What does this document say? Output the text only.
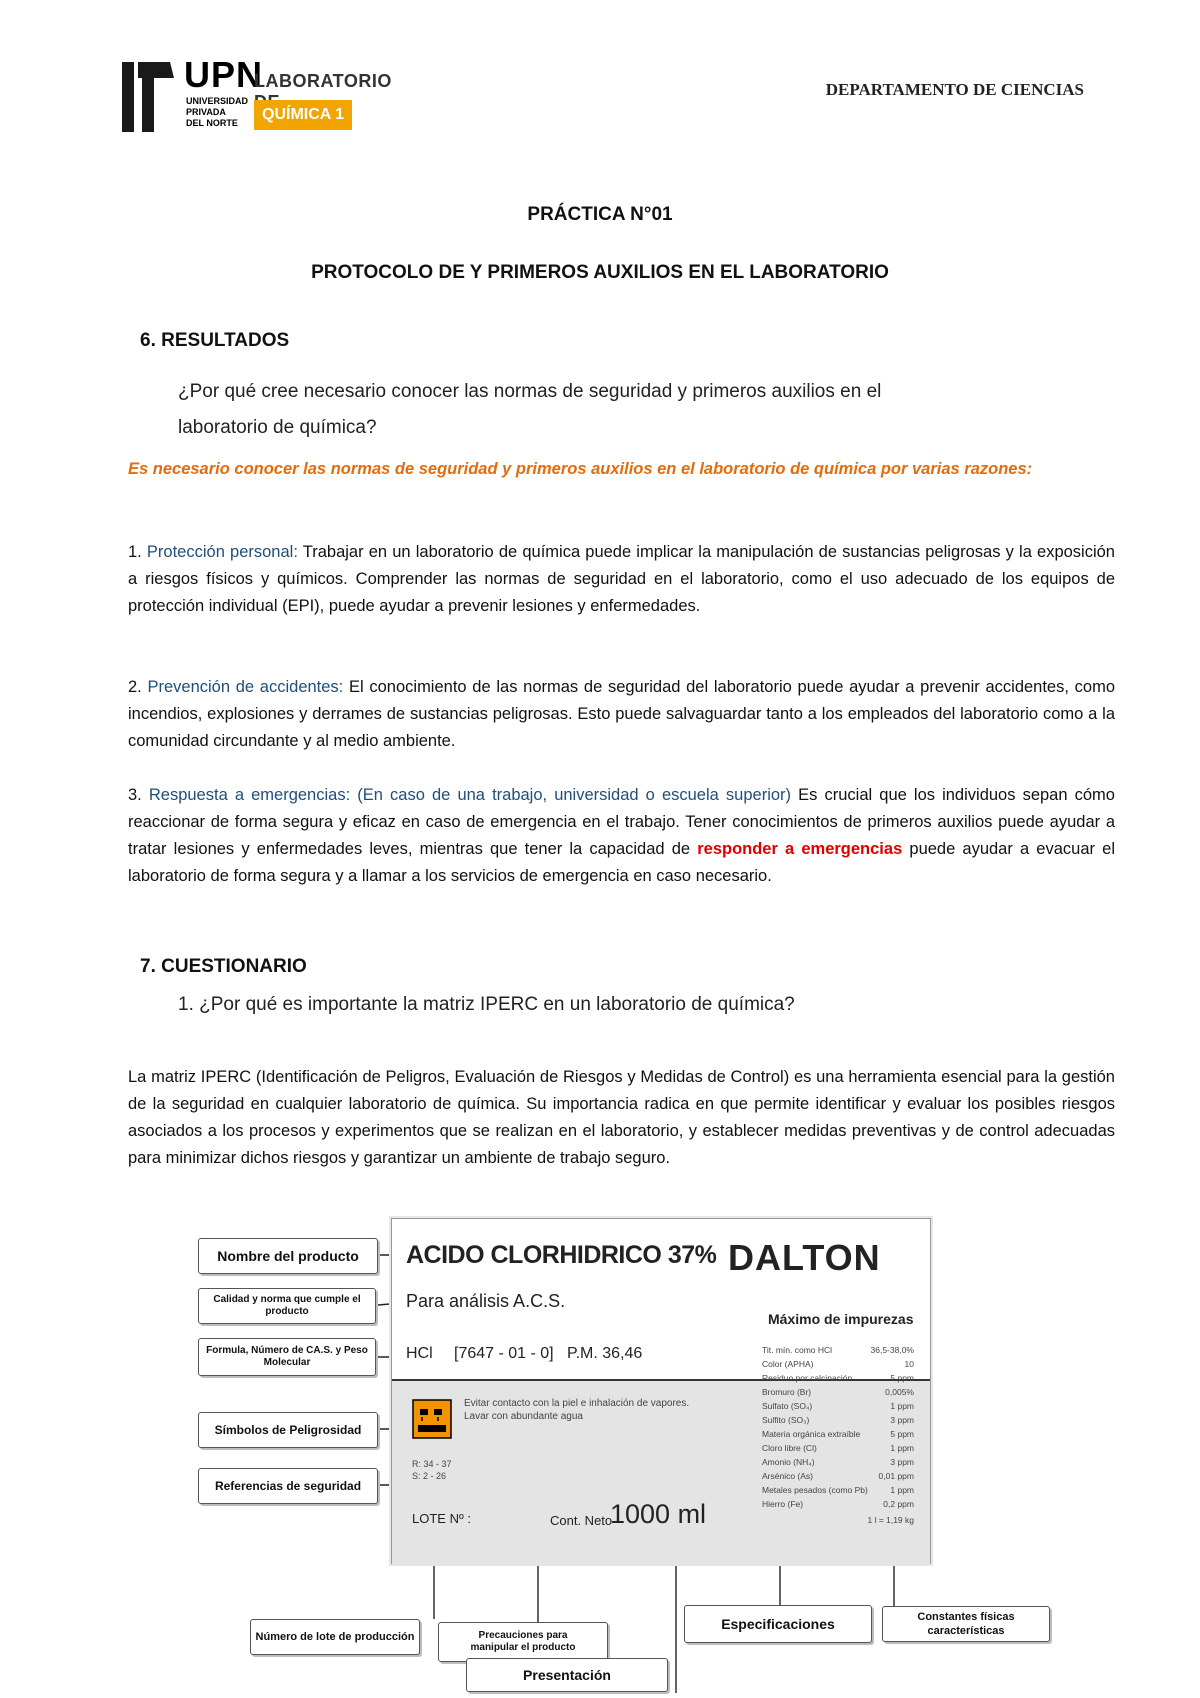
UPN
UNIVERSIDAD
PRIVADA
DEL NORTE
LABORATORIO
QUÍMICA 1
DEPARTAMENTO DE CIENCIAS
PRÁCTICA N°01
PROTOCOLO DE Y PRIMEROS AUXILIOS EN EL LABORATORIO
6. RESULTADOS
¿Por qué cree necesario conocer las normas de seguridad y primeros auxilios en el
laboratorio de química?
Es necesario conocer las normas de seguridad y primeros auxilios en el laboratorio de química por varias razones:
1. Protección personal: Trabajar en un laboratorio de química puede implicar la manipulación de sustancias peligrosas y la exposición a riesgos físicos y químicos. Comprender las normas de seguridad en el laboratorio, como el uso adecuado de los equipos de protección individual (EPI), puede ayudar a prevenir lesiones y enfermedades.
2. Prevención de accidentes: El conocimiento de las normas de seguridad del laboratorio puede ayudar a prevenir accidentes, como incendios, explosiones y derrames de sustancias peligrosas. Esto puede salvaguardar tanto a los empleados del laboratorio como a la comunidad circundante y al medio ambiente.
3. Respuesta a emergencias: (En caso de una trabajo, universidad o escuela superior) Es crucial que los individuos sepan cómo reaccionar de forma segura y eficaz en caso de emergencia en el trabajo. Tener conocimientos de primeros auxilios puede ayudar a tratar lesiones y enfermedades leves, mientras que tener la capacidad de responder a emergencias puede ayudar a evacuar el laboratorio de forma segura y a llamar a los servicios de emergencia en caso necesario.
7. CUESTIONARIO
1. ¿Por qué es importante la matriz IPERC en un laboratorio de química?
La matriz IPERC (Identificación de Peligros, Evaluación de Riesgos y Medidas de Control) es una herramienta esencial para la gestión de la seguridad en cualquier laboratorio de química. Su importancia radica en que permite identificar y evaluar los posibles riesgos asociados a los procesos y experimentos que se realizan en el laboratorio, y establecer medidas preventivas y de control adecuadas para minimizar dichos riesgos y garantizar un ambiente de trabajo seguro.
ACIDO CLORHIDRICO 37% DALTON
Para análisis A.C.S.
HCl [7647 - 01 - 0] P.M. 36,46
Máximo de impurezas
Evitar contacto con la piel e inhalación de vapores. Lavar con abundante agua
R: 34 - 37
S: 2 - 26
LOTE Nº :	Cont. Neto
1000 ml
Tit. mín. como HCl	36,5-38,0%
Color (APHA)	10
Residuo por calcinación	5 ppm
Bromuro (Br)	0,005%
Sulfato (SO₄)	1 ppm
Sulfito (SO₃)	3 ppm
Materia orgánica extraíble	5 ppm
Cloro libre (Cl)	1 ppm
Amonio (NH₄)	3 ppm
Arsénico (As)	0,01 ppm
Metales pesados (como Pb)	1 ppm
Hierro (Fe)	0,2 ppm
1 l = 1,19 kg
Nombre del producto
Calidad y norma que cumple el producto
Formula, Número de CA.S. y Peso Molecular
Símbolos de Peligrosidad
Referencias de seguridad
Número de lote de producción	Precauciones para manipular el producto
Especificaciones	Constantes físicas características
Presentación
